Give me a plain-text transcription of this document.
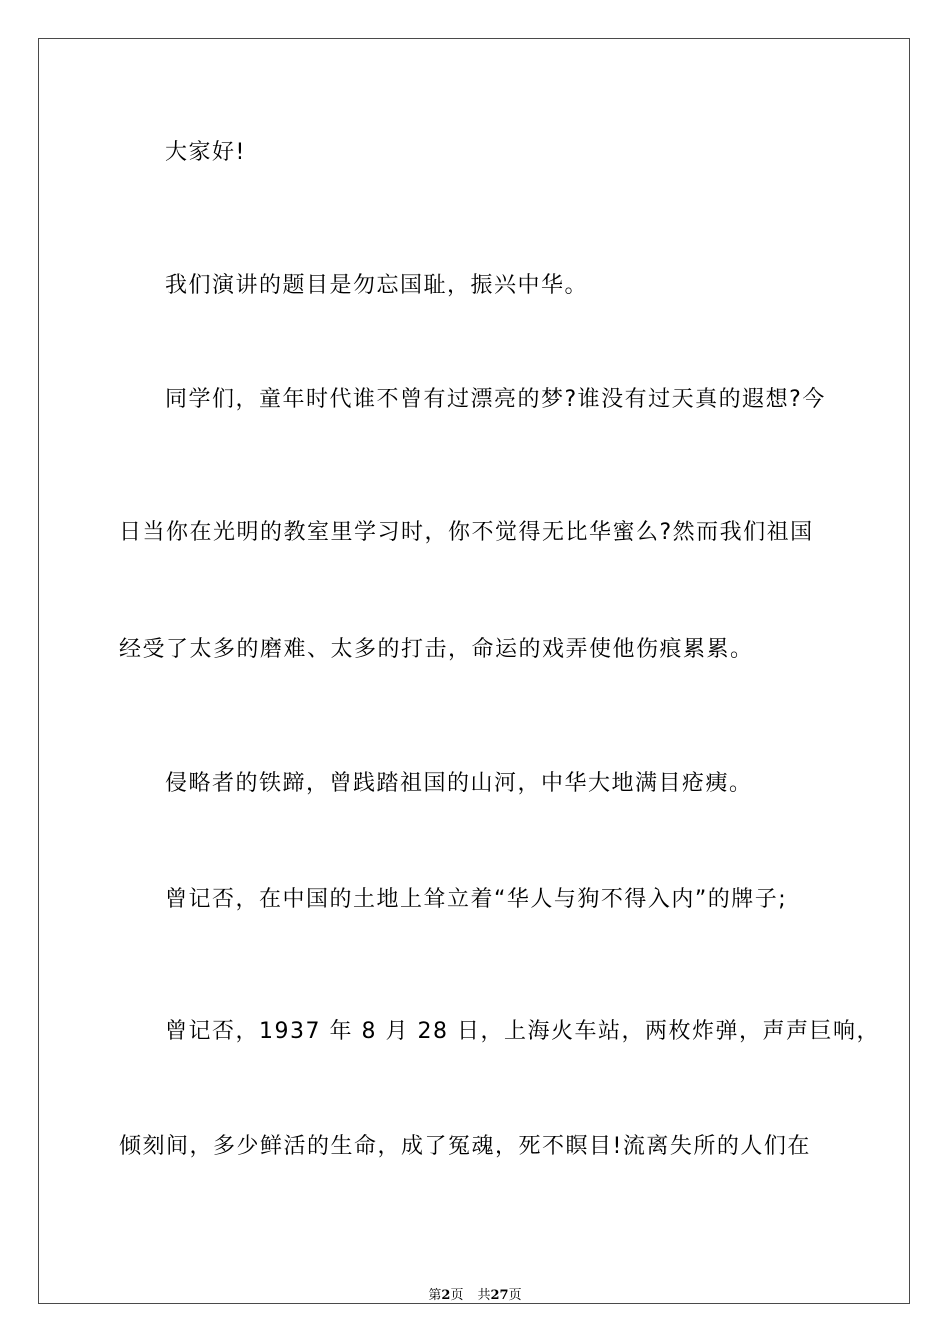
大家好!
我们演讲的题目是勿忘国耻，振兴中华。
同学们，童年时代谁不曾有过漂亮的梦?谁没有过天真的遐想?今
日当你在光明的教室里学习时，你不觉得无比华蜜么?然而我们祖国
经受了太多的磨难、太多的打击，命运的戏弄使他伤痕累累。
侵略者的铁蹄，曾践踏祖国的山河，中华大地满目疮痍。
曾记否，在中国的土地上耸立着“华人与狗不得入内”的牌子;
曾记否，1937 年 8 月 28 日，上海火车站，两枚炸弹，声声巨响，
倾刻间，多少鲜活的生命，成了冤魂，死不瞑目!流离失所的人们在
第2页 共27页
